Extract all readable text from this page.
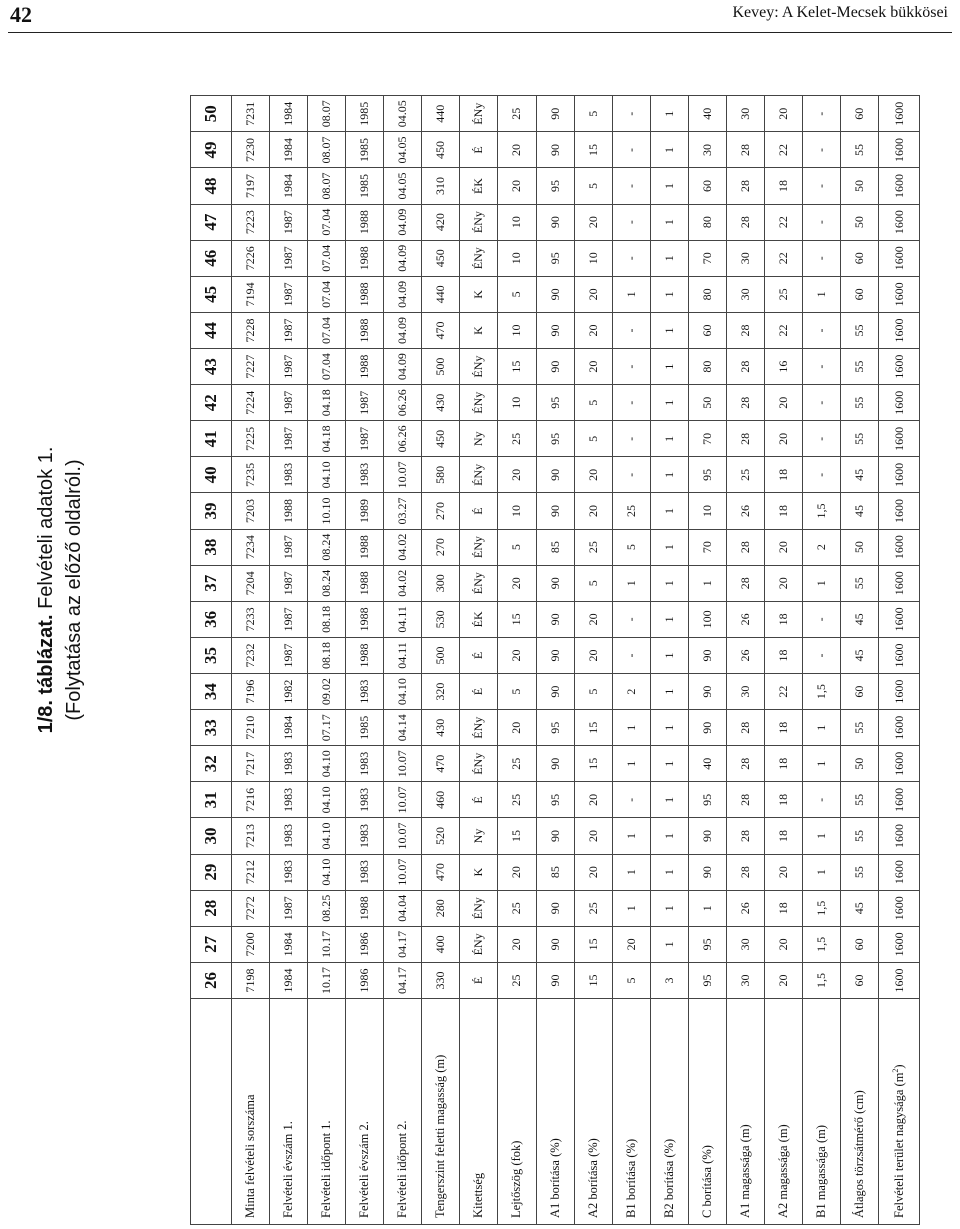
42	Kevey: A Kelet-Mecsek bükkösei
1/8. táblázat. Felvételi adatok 1. (Folytatása az előző oldalról.)
	26	27	28	29	30	31	32	33	34	35	36	37	38	39	40	41	42	43	44	45	46	47	48	49	50
Minta felvételi sorszáma	7198	7200	7272	7212	7213	7216	7217	7210	7196	7232	7233	7204	7234	7203	7235	7225	7224	7227	7228	7194	7226	7223	7197	7230	7231
Felvételi évszám 1.	1984	1984	1987	1983	1983	1983	1983	1984	1982	1987	1987	1987	1987	1988	1983	1987	1987	1987	1987	1987	1987	1987	1984	1984	1984
Felvételi időpont 1.	10.17	10.17	08.25	04.10	04.10	04.10	04.10	07.17	09.02	08.18	08.18	08.24	08.24	10.10	04.10	04.18	04.18	07.04	07.04	07.04	07.04	07.04	08.07	08.07	08.07
Felvételi évszám 2.	1986	1986	1988	1983	1983	1983	1983	1985	1983	1988	1988	1988	1988	1989	1983	1987	1987	1988	1988	1988	1988	1988	1985	1985	1985
Felvételi időpont 2.	04.17	04.17	04.04	10.07	10.07	10.07	10.07	04.14	04.10	04.11	04.11	04.02	04.02	03.27	10.07	06.26	06.26	04.09	04.09	04.09	04.09	04.09	04.05	04.05	04.05
Tengerszint feletti magasság (m)	330	400	280	470	520	460	470	430	320	500	530	300	270	270	580	450	430	500	470	440	450	420	310	450	440
Kitettség	É	ÉNy	ÉNy	K	Ny	É	ÉNy	ÉNy	É	É	ÉK	ÉNy	ÉNy	É	ÉNy	Ny	ÉNy	ÉNy	K	K	ÉNy	ÉNy	ÉK	É	ÉNy
Lejtőszög (fok)	25	20	25	20	15	25	25	20	5	20	15	20	5	10	20	25	10	15	10	5	10	10	20	20	25
A1 borítása (%)	90	90	90	85	90	95	90	95	90	90	90	90	85	90	90	95	95	90	90	90	95	90	95	90	90
A2 borítása (%)	15	15	25	20	20	20	15	15	5	20	20	5	25	20	20	5	5	20	20	20	10	20	5	15	5
B1 borítása (%)	5	20	1	1	1	-	1	1	2	-	-	1	5	25	-	-	-	-	-	1	-	-	-	-	-
B2 borítása (%)	3	1	1	1	1	1	1	1	1	1	1	1	1	1	1	1	1	1	1	1	1	1	1	1	1
C borítása (%)	95	95	1	90	90	95	40	90	90	90	100	1	70	10	95	70	50	80	60	80	70	80	60	30	40
A1 magassága (m)	30	30	26	28	28	28	28	28	30	26	26	28	28	26	25	28	28	28	28	30	30	28	28	28	30
A2 magassága (m)	20	20	18	20	18	18	18	18	22	18	18	20	20	18	18	20	20	16	22	25	22	22	18	22	20
B1 magassága (m)	1,5	1,5	1,5	1	1	-	1	1	1,5	-	-	1	2	1,5	-	-	-	-	-	1	-	-	-	-	-
Átlagos törzsátmérő (cm)	60	60	45	55	55	55	50	55	60	45	45	55	50	45	45	55	55	55	55	60	60	50	50	55	60
Felvételi terület nagysága $(m^2)$	1600	1600	1600	1600	1600	1600	1600	1600	1600	1600	1600	1600	1600	1600	1600	1600	1600	1600	1600	1600	1600	1600	1600	1600	1600
